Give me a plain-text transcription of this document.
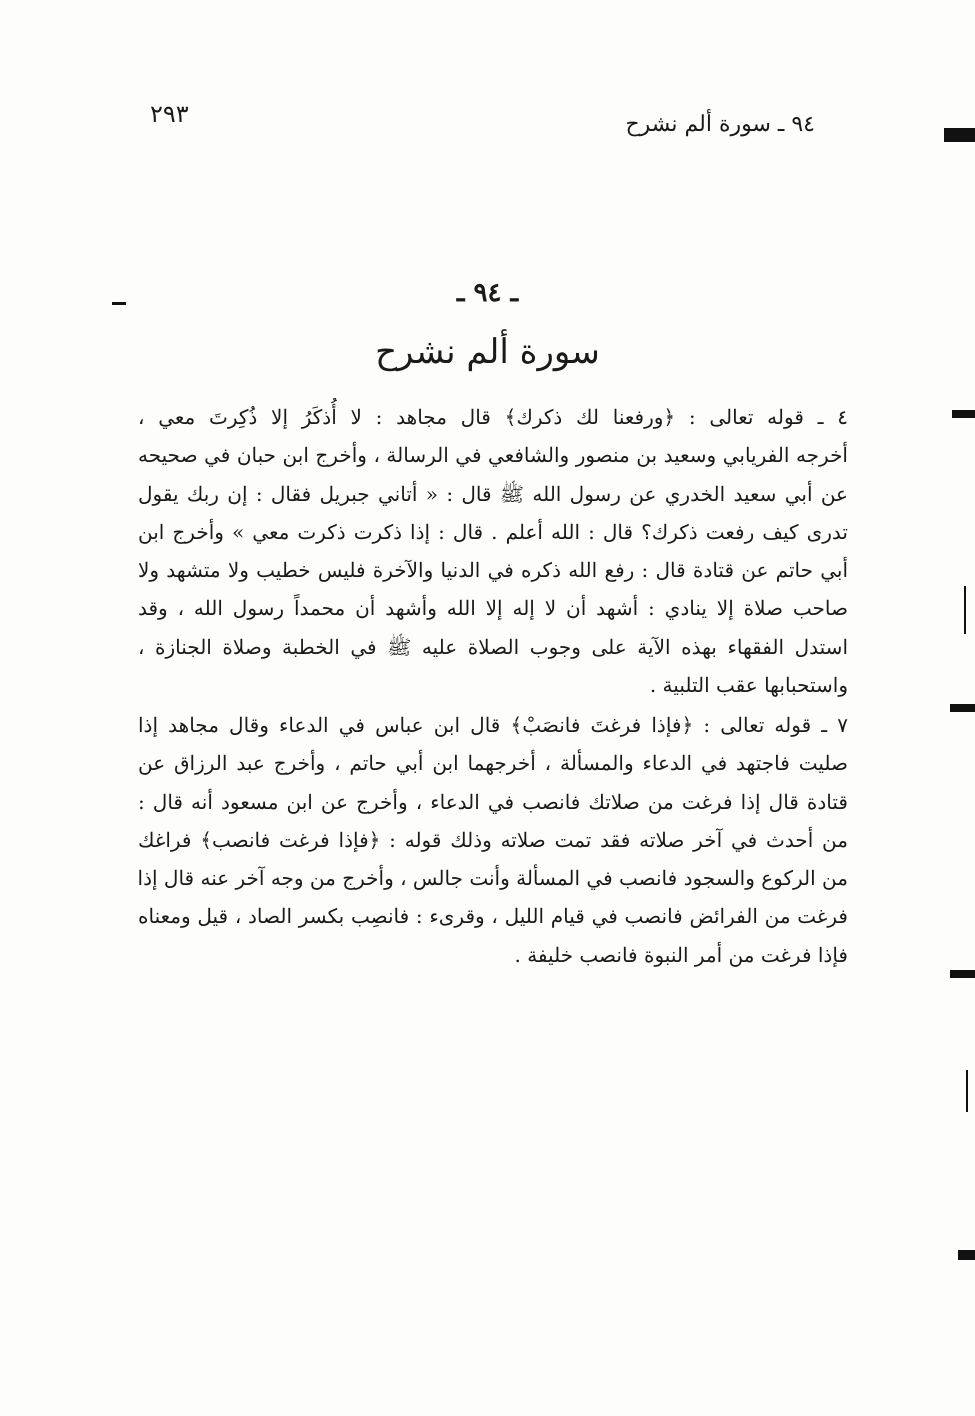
٢٩٣	٩٤ ـ سورة ألم نشرح
ـ ٩٤ ـ
سورة ألم نشرح
٤ ـ قوله تعالى : ﴿ورفعنا لك ذكرك﴾ قال مجاهد : لا أُذكَرُ إلا ذُكِرتَ معي ،
أخرجه الفريابي وسعيد بن منصور والشافعي في الرسالة ، وأخرج ابن حبان في صحيحه
عن أبي سعيد الخدري عن رسول الله ﷺ قال : « أتاني جبريل فقال : إن ربك يقول
تدرى كيف رفعت ذكرك؟ قال : الله أعلم . قال : إذا ذكرت ذكرت معي » وأخرج ابن
أبي حاتم عن قتادة قال : رفع الله ذكره في الدنيا والآخرة فليس خطيب ولا متشهد ولا
صاحب صلاة إلا ينادي : أشهد أن لا إله إلا الله وأشهد أن محمداً رسول الله ، وقد
استدل الفقهاء بهذه الآية على وجوب الصلاة عليه ﷺ في الخطبة وصلاة الجنازة ،
واستحبابها عقب التلبية .
٧ ـ قوله تعالى : ﴿فإذا فرغتَ فانصَبْ﴾ قال ابن عباس في الدعاء وقال مجاهد إذا
صليت فاجتهد في الدعاء والمسألة ، أخرجهما ابن أبي حاتم ، وأخرج عبد الرزاق عن
قتادة قال إذا فرغت من صلاتك فانصب في الدعاء ، وأخرج عن ابن مسعود أنه قال :
من أحدث في آخر صلاته فقد تمت صلاته وذلك قوله : ﴿فإذا فرغت فانصب﴾ فراغك
من الركوع والسجود فانصب في المسألة وأنت جالس ، وأخرج من وجه آخر عنه قال إذا
فرغت من الفرائض فانصب في قيام الليل ، وقرىء : فانصِب بكسر الصاد ، قيل ومعناه
فإذا فرغت من أمر النبوة فانصب خليفة .
